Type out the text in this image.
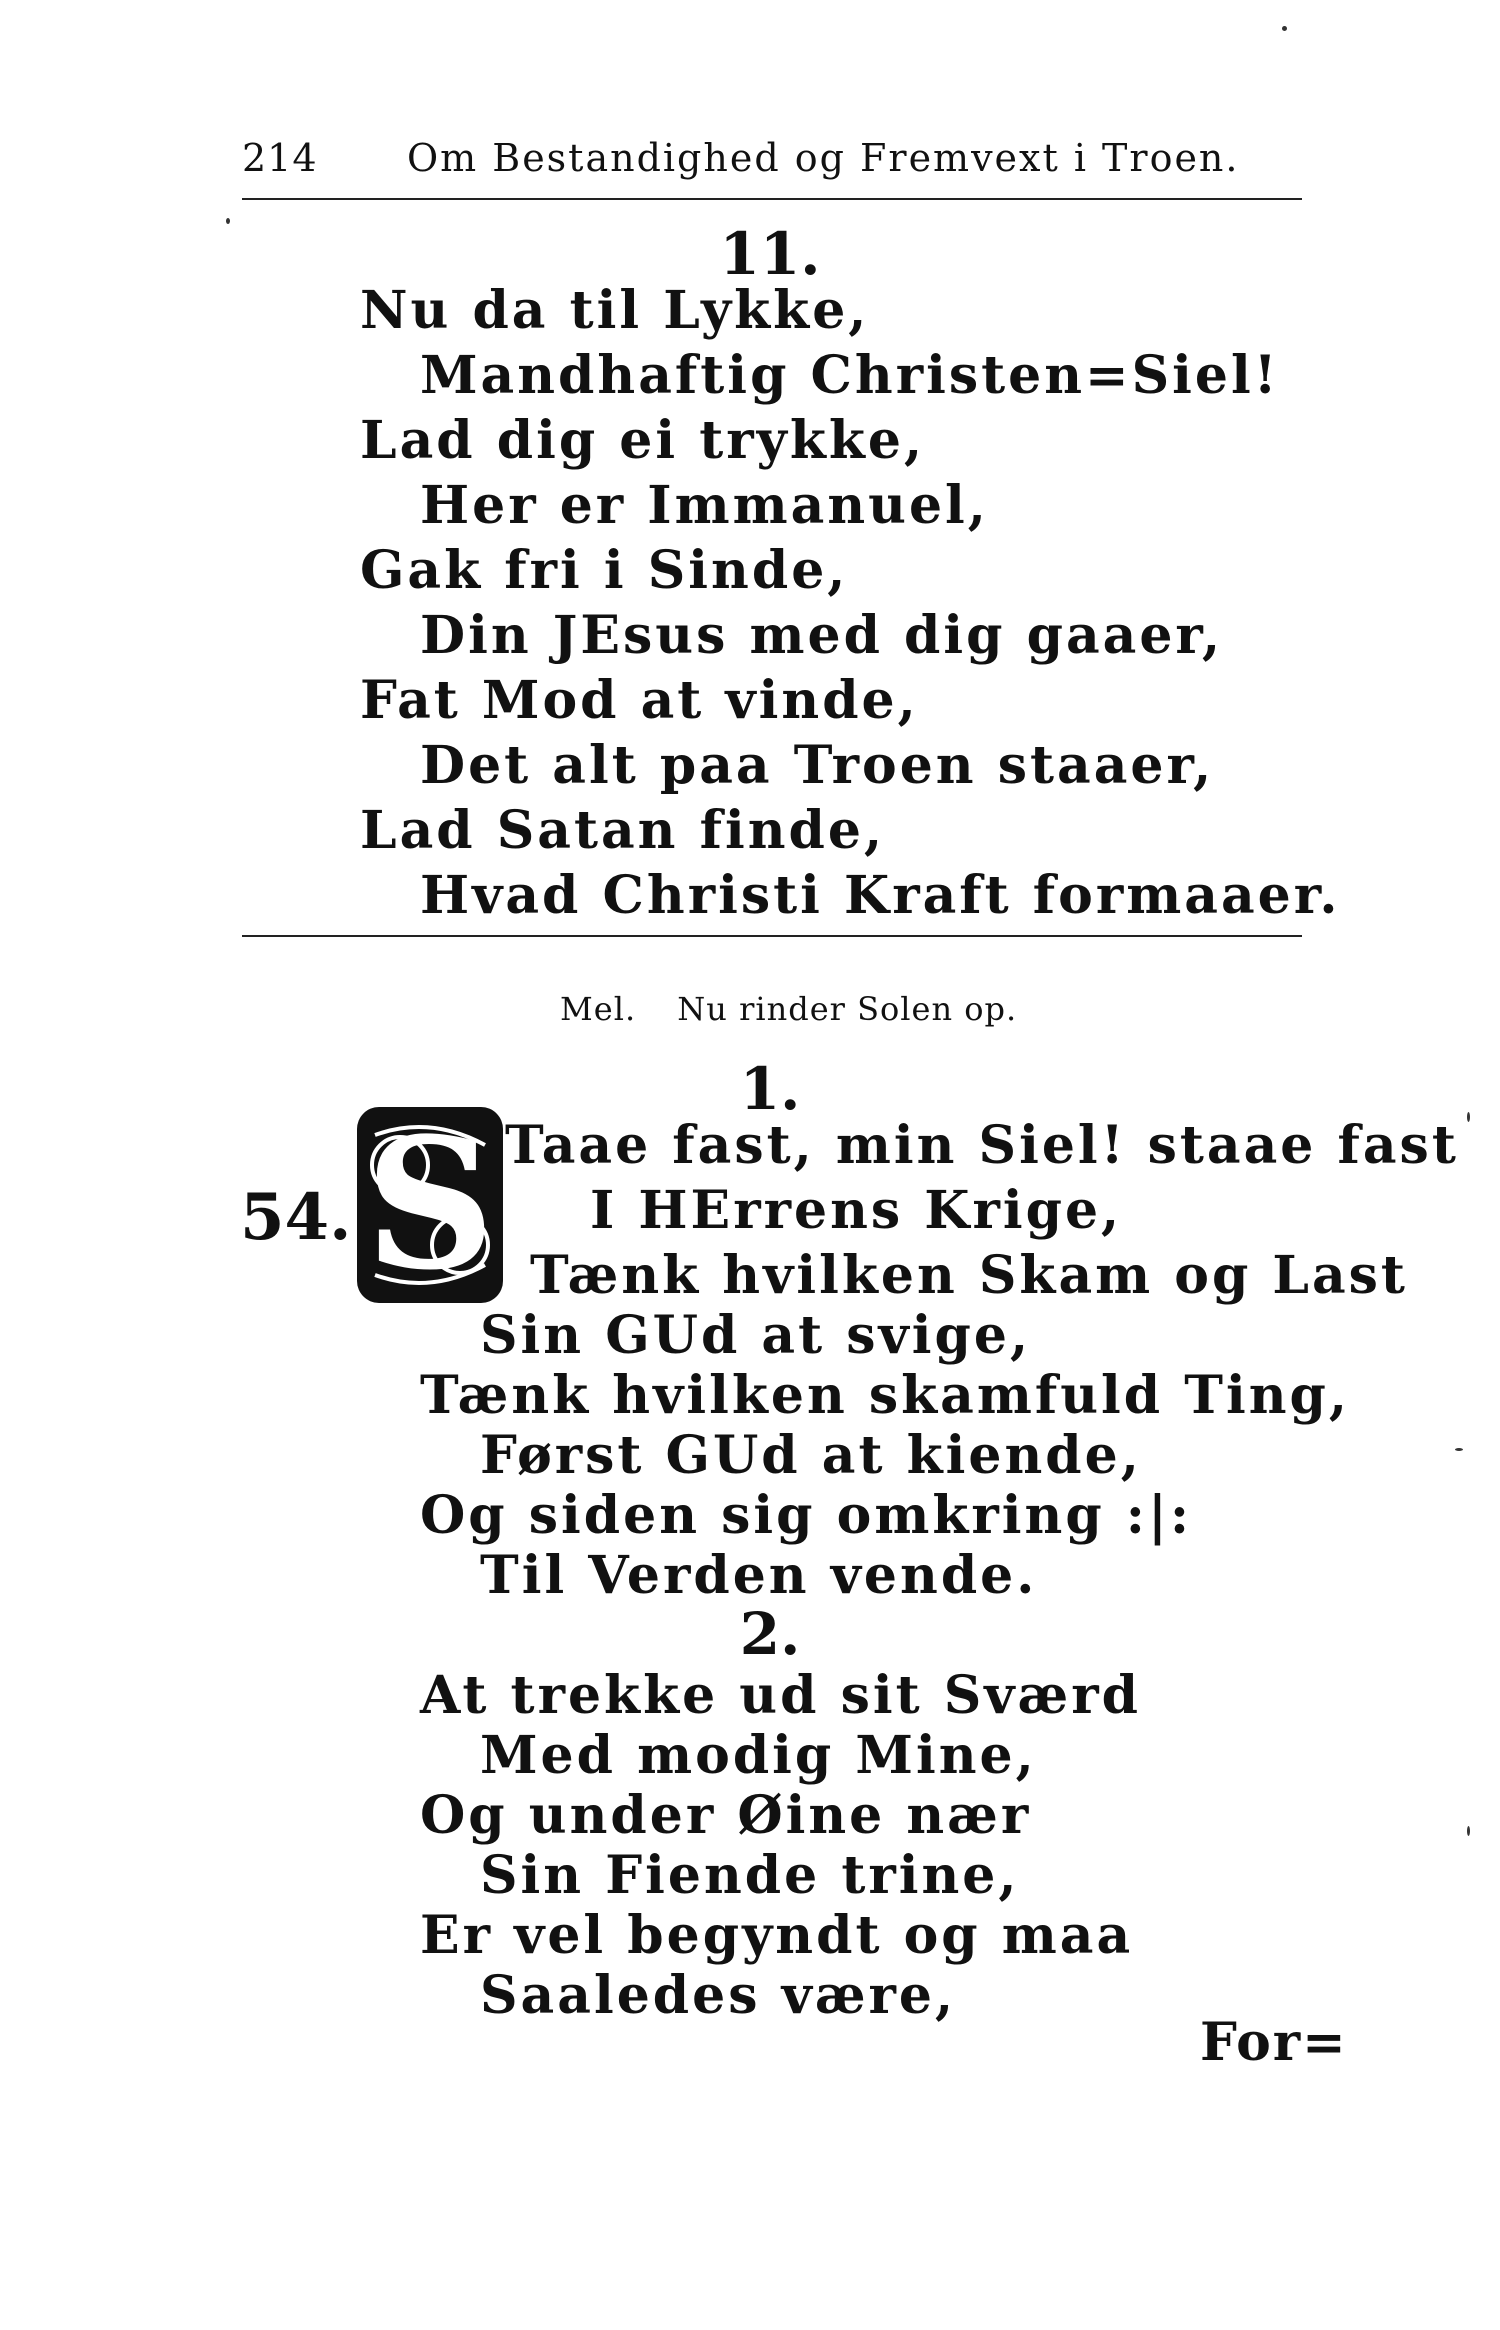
214 Om Bestandighed og Fremvext i Troen.
11.
Nu da til Lykke,
Mandhaftig Christen=Siel!
Lad dig ei trykke,
Her er Immanuel,
Gak fri i Sinde,
Din JEsus med dig gaaer,
Fat Mod at vinde,
Det alt paa Troen staaer,
Lad Satan finde,
Hvad Christi Kraft formaaer.
Mel. Nu rinder Solen op.
1.
54. S Taae fast, min Siel! staae fast
I HErrens Krige,
Tænk hvilken Skam og Last
Sin GUd at svige,
Tænk hvilken skamfuld Ting,
Først GUd at kiende,
Og siden sig omkring :|:
Til Verden vende.
2.
At trekke ud sit Sværd
Med modig Mine,
Og under Øine nær
Sin Fiende trine,
Er vel begyndt og maa
Saaledes være,
For=
